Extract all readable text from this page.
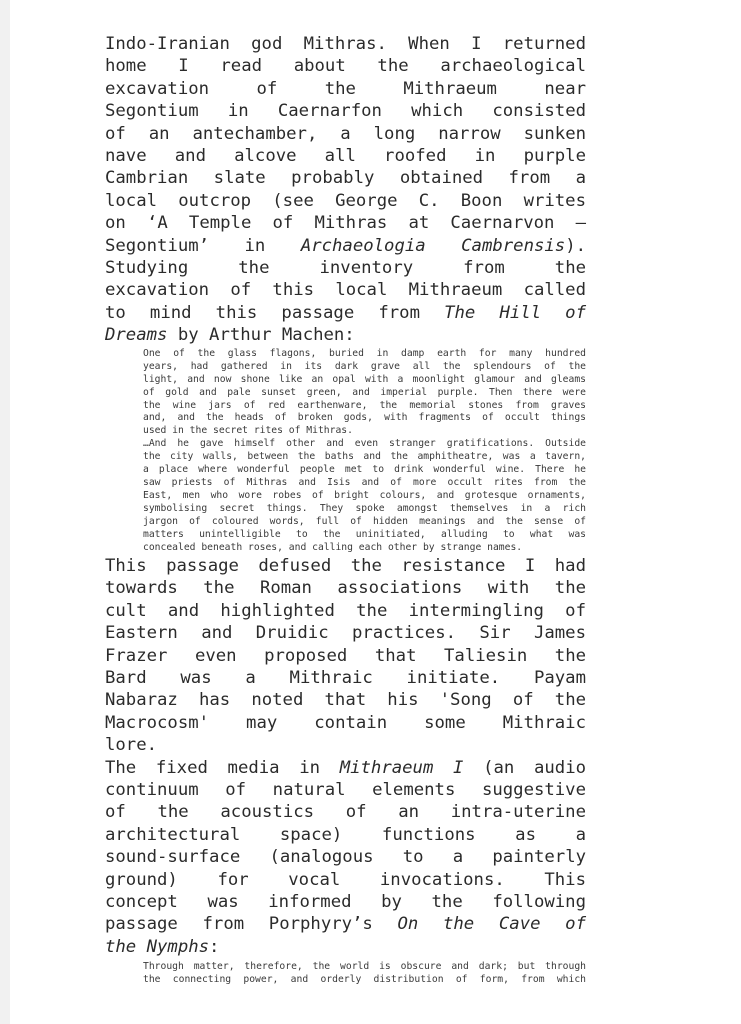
Indo-Iranian god Mithras. When I returned
home I read about the archaeological
excavation of the Mithraeum near
Segontium in Caernarfon which consisted
of an antechamber, a long narrow sunken
nave and alcove all roofed in purple
Cambrian slate probably obtained from a
local outcrop (see George C. Boon writes
on ‘A Temple of Mithras at Caernarvon –
Segontium’ in Archaeologia Cambrensis).
Studying the inventory from the
excavation of this local Mithraeum called
to mind this passage from The Hill of
Dreams by Arthur Machen:
One of the glass flagons, buried in damp earth for many hundred
years, had gathered in its dark grave all the splendours of the
light, and now shone like an opal with a moonlight glamour and gleams
of gold and pale sunset green, and imperial purple. Then there were
the wine jars of red earthenware, the memorial stones from graves
and, and the heads of broken gods, with fragments of occult things
used in the secret rites of Mithras.
…And he gave himself other and even stranger gratifications. Outside
the city walls, between the baths and the amphitheatre, was a tavern,
a place where wonderful people met to drink wonderful wine. There he
saw priests of Mithras and Isis and of more occult rites from the
East, men who wore robes of bright colours, and grotesque ornaments,
symbolising secret things. They spoke amongst themselves in a rich
jargon of coloured words, full of hidden meanings and the sense of
matters unintelligible to the uninitiated, alluding to what was
concealed beneath roses, and calling each other by strange names.
This passage defused the resistance I had
towards the Roman associations with the
cult and highlighted the intermingling of
Eastern and Druidic practices. Sir James
Frazer even proposed that Taliesin the
Bard was a Mithraic initiate. Payam
Nabaraz has noted that his 'Song of the
Macrocosm' may contain some Mithraic
lore.
The fixed media in Mithraeum I (an audio
continuum of natural elements suggestive
of the acoustics of an intra-uterine
architectural space) functions as a
sound-surface (analogous to a painterly
ground) for vocal invocations. This
concept was informed by the following
passage from Porphyry’s On the Cave of
the Nymphs:
Through matter, therefore, the world is obscure and dark; but through
the connecting power, and orderly distribution of form, from which
